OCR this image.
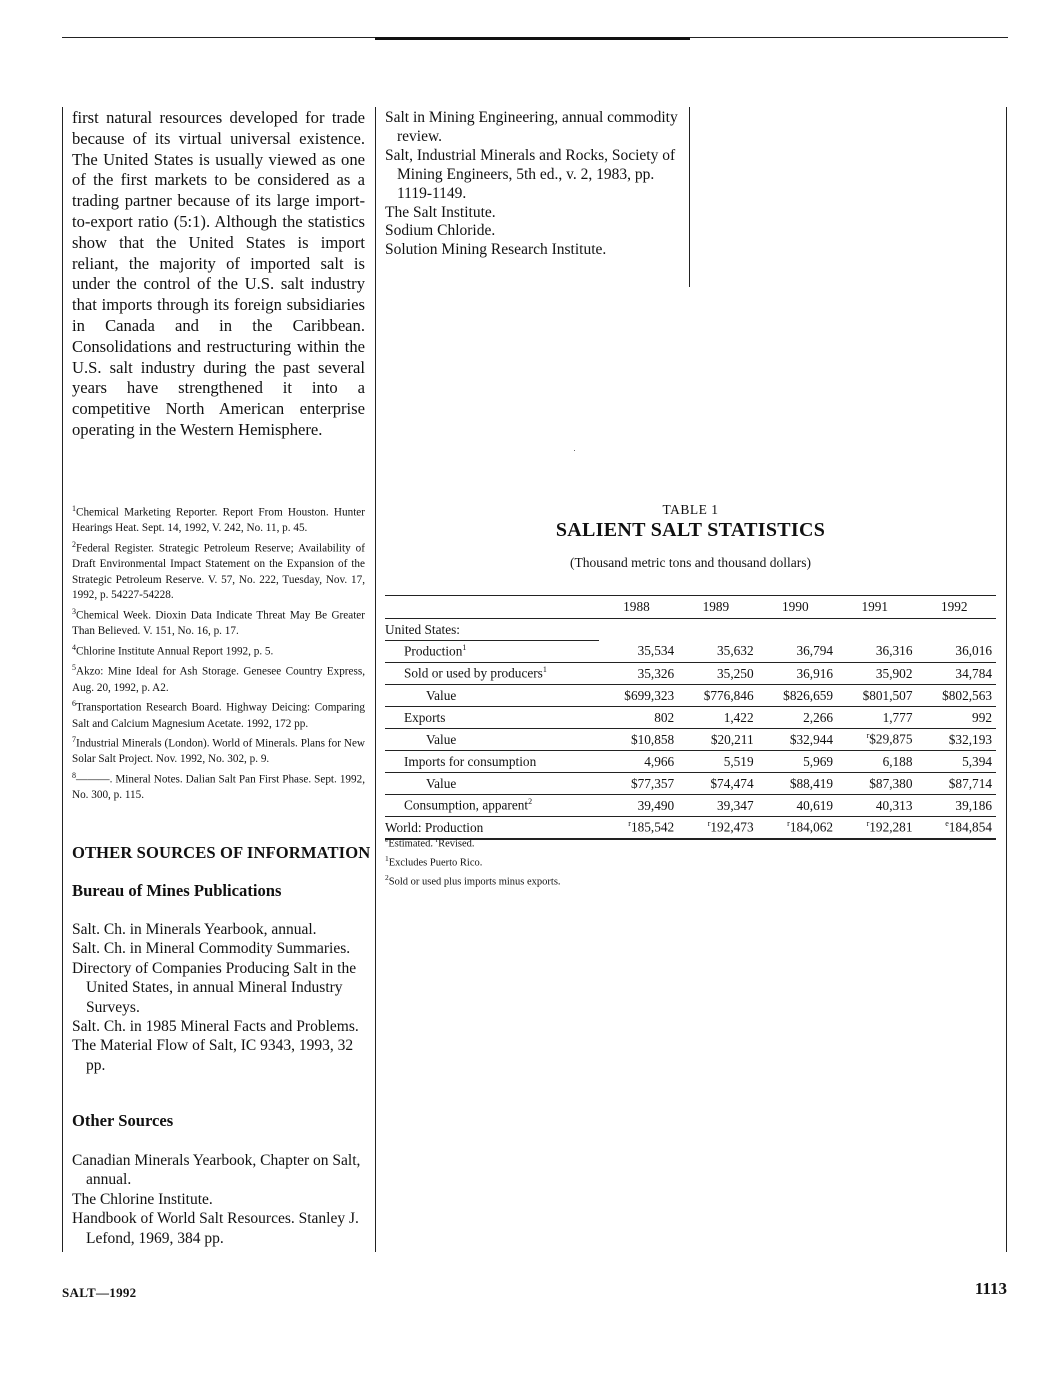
first natural resources developed for trade because of its virtual universal existence. The United States is usually viewed as one of the first markets to be considered as a trading partner because of its large import-to-export ratio (5:1). Although the statistics show that the United States is import reliant, the majority of imported salt is under the control of the U.S. salt industry that imports through its foreign subsidiaries in Canada and in the Caribbean. Consolidations and restructuring within the U.S. salt industry during the past several years have strengthened it into a competitive North American enterprise operating in the Western Hemisphere.

$^1$Chemical Marketing Reporter. Report From Houston. Hunter Hearings Heat. Sept. 14, 1992, V. 242, No. 11, p. 45.

$^2$Federal Register. Strategic Petroleum Reserve; Availability of Draft Environmental Impact Statement on the Expansion of the Strategic Petroleum Reserve. V. 57, No. 222, Tuesday, Nov. 17, 1992, p. 54227-54228.

$^3$Chemical Week. Dioxin Data Indicate Threat May Be Greater Than Believed. V. 151, No. 16, p. 17.

$^4$Chlorine Institute Annual Report 1992, p. 5.

$^5$Akzo: Mine Ideal for Ash Storage. Genesee Country Express, Aug. 20, 1992, p. A2.

$^6$Transportation Research Board. Highway Deicing: Comparing Salt and Calcium Magnesium Acetate. 1992, 172 pp.

$^7$Industrial Minerals (London). World of Minerals. Plans for New Solar Salt Project. Nov. 1992, No. 302, p. 9.

$^8$———. Mineral Notes. Dalian Salt Pan First Phase. Sept. 1992, No. 300, p. 115.

OTHER SOURCES OF INFORMATION
Bureau of Mines Publications
Salt. Ch. in Minerals Yearbook, annual.
Salt. Ch. in Mineral Commodity Summaries.
Directory of Companies Producing Salt in the United States, in annual Mineral Industry Surveys.
Salt. Ch. in 1985 Mineral Facts and Problems.
The Material Flow of Salt, IC 9343, 1993, 32 pp.
Other Sources
Canadian Minerals Yearbook, Chapter on Salt, annual.
The Chlorine Institute.
Handbook of World Salt Resources. Stanley J. Lefond, 1969, 384 pp.
Salt in Mining Engineering, annual commodity review.
Salt, Industrial Minerals and Rocks, Society of Mining Engineers, 5th ed., v. 2, 1983, pp. 1119-1149.
The Salt Institute.
Sodium Chloride.
Solution Mining Research Institute.
TABLE 1
SALIENT SALT STATISTICS
(Thousand metric tons and thousand dollars)
	1988	1989	1990	1991	1992
United States:					
Production$^1$	35,534	35,632	36,794	36,316	36,016
Sold or used by producers$^1$	35,326	35,250	36,916	35,902	34,784
Value	$699,323	$776,846	$826,659	$801,507	$802,563
Exports	802	1,422	2,266	1,777	992
Value	$10,858	$20,211	$32,944	$^r$\$29,875	$32,193
Imports for consumption	4,966	5,519	5,969	6,188	5,394
Value	$77,357	$74,474	$88,419	$87,380	$87,714
Consumption, apparent$^2$	39,490	39,347	40,619	40,313	39,186
World: Production	$^r$185,542	$^r$192,473	$^r$184,062	$^r$192,281	$^e$184,854
$^e$Estimated. $^r$Revised.
$^1$Excludes Puerto Rico.
$^2$Sold or used plus imports minus exports.
SALT—1992	1113
